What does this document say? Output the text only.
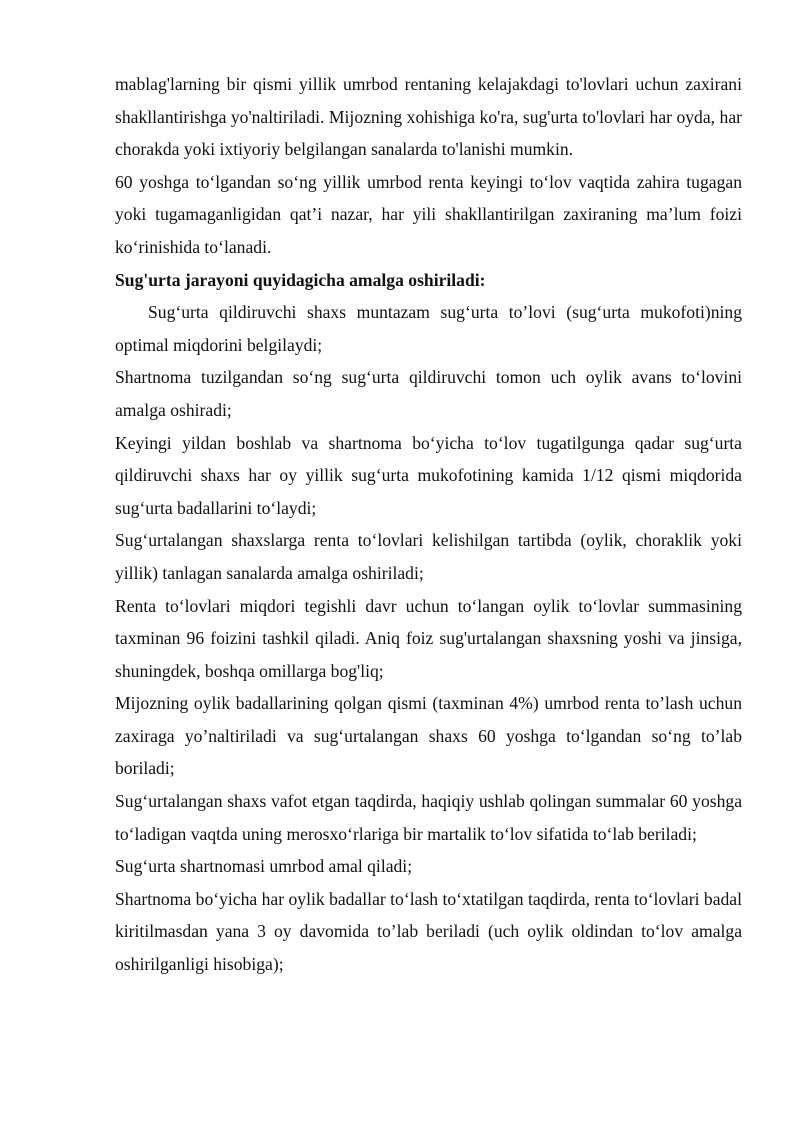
mablag'larning bir qismi yillik umrbod rentaning kelajakdagi to'lovlari uchun zaxirani shakllantirishga yo'naltiriladi. Mijozning xohishiga ko'ra, sug'urta to'lovlari har oyda, har chorakda yoki ixtiyoriy belgilangan sanalarda to'lanishi mumkin.

60 yoshga to‘lgandan so‘ng yillik umrbod renta keyingi to‘lov vaqtida zahira tugagan yoki tugamaganligidan qat’i nazar, har yili shakllantirilgan zaxiraning ma’lum foizi ko‘rinishida to‘lanadi.

Sug'urta jarayoni quyidagicha amalga oshiriladi:

Sug‘urta qildiruvchi shaxs muntazam sug‘urta to’lovi (sug‘urta mukofoti)ning optimal miqdorini belgilaydi;

Shartnoma tuzilgandan so‘ng sug‘urta qildiruvchi tomon uch oylik avans to‘lovini amalga oshiradi;

Keyingi yildan boshlab va shartnoma bo‘yicha to‘lov tugatilgunga qadar sug‘urta qildiruvchi shaxs har oy yillik sug‘urta mukofotining kamida 1/12 qismi miqdorida sug‘urta badallarini to‘laydi;

Sug‘urtalangan shaxslarga renta to‘lovlari kelishilgan tartibda (oylik, choraklik yoki yillik) tanlagan sanalarda amalga oshiriladi;

Renta to‘lovlari miqdori tegishli davr uchun to‘langan oylik to‘lovlar summasining taxminan 96 foizini tashkil qiladi. Aniq foiz sug'urtalangan shaxsning yoshi va jinsiga, shuningdek, boshqa omillarga bog'liq;

Mijozning oylik badallarining qolgan qismi (taxminan 4%) umrbod renta to’lash uchun zaxiraga yo’naltiriladi va sug‘urtalangan shaxs 60 yoshga to‘lgandan so‘ng to’lab boriladi;

Sug‘urtalangan shaxs vafot etgan taqdirda, haqiqiy ushlab qolingan summalar 60 yoshga to‘ladigan vaqtda uning merosxo‘rlariga bir martalik to‘lov sifatida to‘lab beriladi;

Sug‘urta shartnomasi umrbod amal qiladi;

Shartnoma bo‘yicha har oylik badallar to‘lash to‘xtatilgan taqdirda, renta to‘lovlari badal kiritilmasdan yana 3 oy davomida to’lab beriladi (uch oylik oldindan to‘lov amalga oshirilganligi hisobiga);
